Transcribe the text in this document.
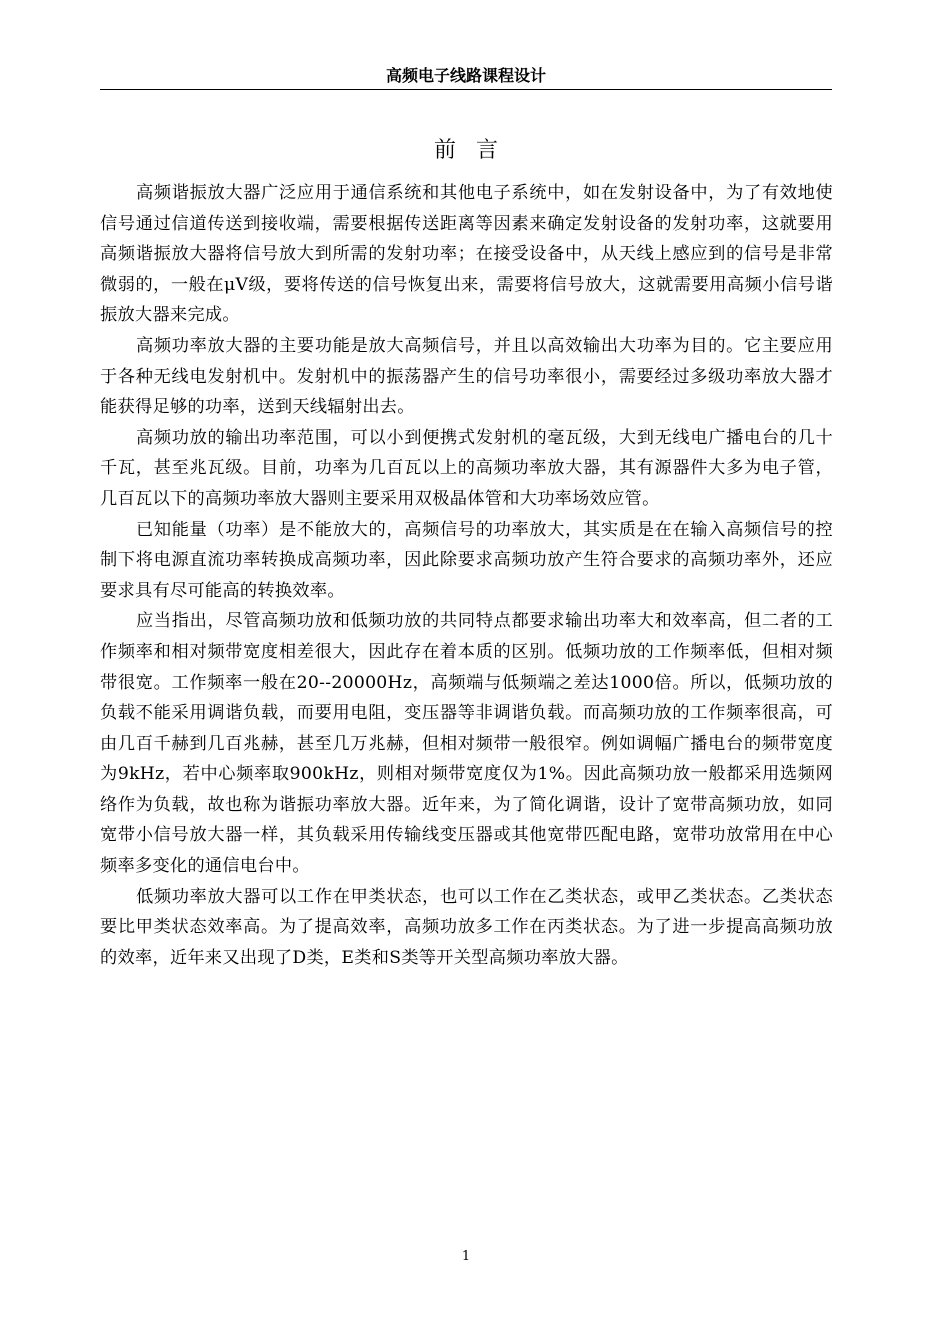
高频电子线路课程设计
前言

高频谐振放大器广泛应用于通信系统和其他电子系统中，如在发射设备中，为了有效地使信号通过信道传送到接收端，需要根据传送距离等因素来确定发射设备的发射功率，这就要用高频谐振放大器将信号放大到所需的发射功率；在接受设备中，从天线上感应到的信号是非常微弱的，一般在μV级，要将传送的信号恢复出来，需要将信号放大，这就需要用高频小信号谐振放大器来完成。

高频功率放大器的主要功能是放大高频信号，并且以高效输出大功率为目的。它主要应用于各种无线电发射机中。发射机中的振荡器产生的信号功率很小，需要经过多级功率放大器才能获得足够的功率，送到天线辐射出去。

高频功放的输出功率范围，可以小到便携式发射机的毫瓦级，大到无线电广播电台的几十千瓦，甚至兆瓦级。目前，功率为几百瓦以上的高频功率放大器，其有源器件大多为电子管，几百瓦以下的高频功率放大器则主要采用双极晶体管和大功率场效应管。

已知能量（功率）是不能放大的，高频信号的功率放大，其实质是在在输入高频信号的控制下将电源直流功率转换成高频功率，因此除要求高频功放产生符合要求的高频功率外，还应要求具有尽可能高的转换效率。

应当指出，尽管高频功放和低频功放的共同特点都要求输出功率大和效率高，但二者的工作频率和相对频带宽度相差很大，因此存在着本质的区别。低频功放的工作频率低，但相对频带很宽。工作频率一般在20--20000Hz，高频端与低频端之差达1000倍。所以，低频功放的负载不能采用调谐负载，而要用电阻，变压器等非调谐负载。而高频功放的工作频率很高，可由几百千赫到几百兆赫，甚至几万兆赫，但相对频带一般很窄。例如调幅广播电台的频带宽度为9kHz，若中心频率取900kHz，则相对频带宽度仅为1%。因此高频功放一般都采用选频网络作为负载，故也称为谐振功率放大器。近年来，为了简化调谐，设计了宽带高频功放，如同宽带小信号放大器一样，其负载采用传输线变压器或其他宽带匹配电路，宽带功放常用在中心频率多变化的通信电台中。

低频功率放大器可以工作在甲类状态，也可以工作在乙类状态，或甲乙类状态。乙类状态要比甲类状态效率高。为了提高效率，高频功放多工作在丙类状态。为了进一步提高高频功放的效率，近年来又出现了D类，E类和S类等开关型高频功率放大器。

1
